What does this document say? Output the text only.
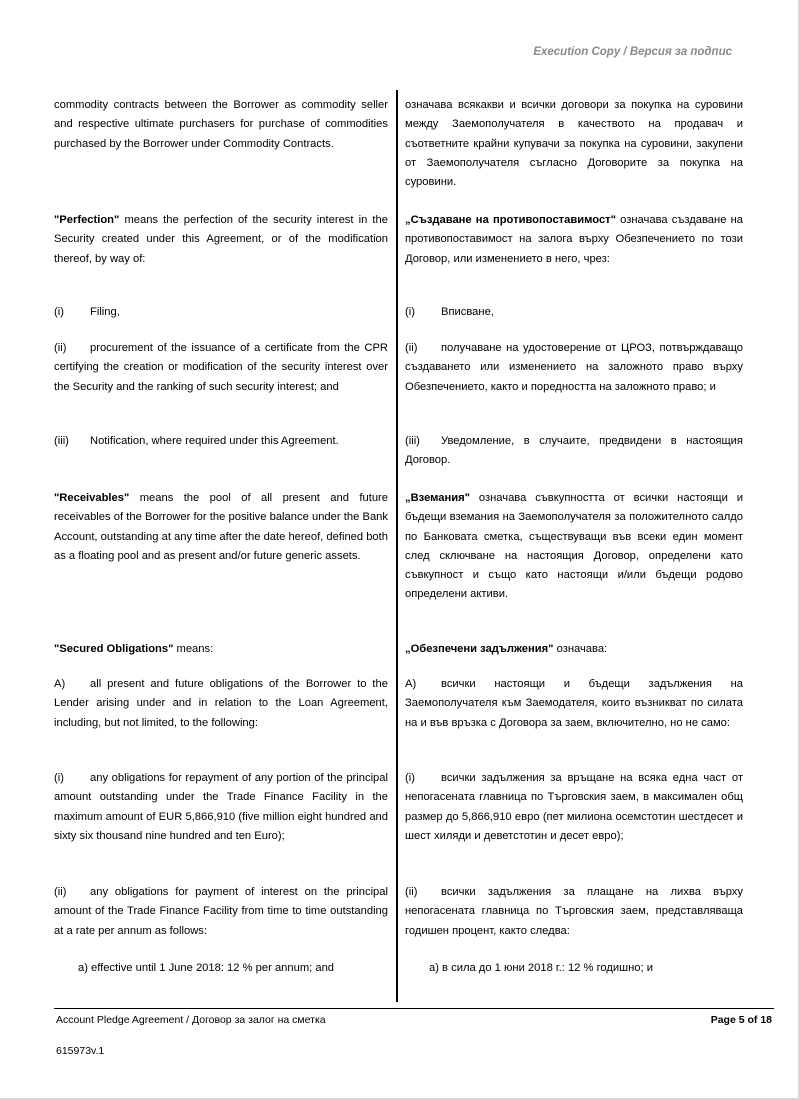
Execution Copy / Версия за подпис
commodity contracts between the Borrower as commodity seller and respective ultimate purchasers for purchase of commodities purchased by the Borrower under Commodity Contracts.
"Perfection" means the perfection of the security interest in the Security created under this Agreement, or of the modification thereof, by way of:
(i) Filing,
(ii) procurement of the issuance of a certificate from the CPR certifying the creation or modification of the security interest over the Security and the ranking of such security interest; and
(iii) Notification, where required under this Agreement.
"Receivables" means the pool of all present and future receivables of the Borrower for the positive balance under the Bank Account, outstanding at any time after the date hereof, defined both as a floating pool and as present and/or future generic assets.
"Secured Obligations" means:
A) all present and future obligations of the Borrower to the Lender arising under and in relation to the Loan Agreement, including, but not limited, to the following:
(i) any obligations for repayment of any portion of the principal amount outstanding under the Trade Finance Facility in the maximum amount of EUR 5,866,910 (five million eight hundred and sixty six thousand nine hundred and ten Euro);
(ii) any obligations for payment of interest on the principal amount of the Trade Finance Facility from time to time outstanding at a rate per annum as follows:
a) effective until 1 June 2018: 12 % per annum; and
означава всякакви и всички договори за покупка на суровини между Заемополучателя в качеството на продавач и съответните крайни купувачи за покупка на суровини, закупени от Заемополучателя съгласно Договорите за покупка на суровини.
„Създаване на противопоставимост" означава създаване на противопоставимост на залога върху Обезпечението по този Договор, или изменението в него, чрез:
(i) Вписване,
(ii) получаване на удостоверение от ЦРОЗ, потвърждаващо създаването или изменението на заложното право върху Обезпечението, както и поредността на заложното право; и
(iii) Уведомление, в случаите, предвидени в настоящия Договор.
„Вземания" означава съвкупността от всички настоящи и бъдещи вземания на Заемополучателя за положителното салдо по Банковата сметка, съществуващи във всеки един момент след сключване на настоящия Договор, определени като съвкупност и също като настоящи и/или бъдещи родово определени активи.
„Обезпечени задължения" означава:
A) всички настоящи и бъдещи задължения на Заемополучателя към Заемодателя, които възникват по силата на и във връзка с Договора за заем, включително, но не само:
(i) всички задължения за връщане на всяка една част от непогасената главница по Търговския заем, в максимален общ размер до 5,866,910 евро (пет милиона осемстотин шестдесет и шест хиляди и деветстотин и десет евро);
(ii) всички задължения за плащане на лихва върху непогасената главница по Търговския заем, представляваща годишен процент, както следва:
а) в сила до 1 юни 2018 г.: 12 % годишно; и
Account Pledge Agreement / Договор за залог на сметка	Page 5 of 18
615973v.1
